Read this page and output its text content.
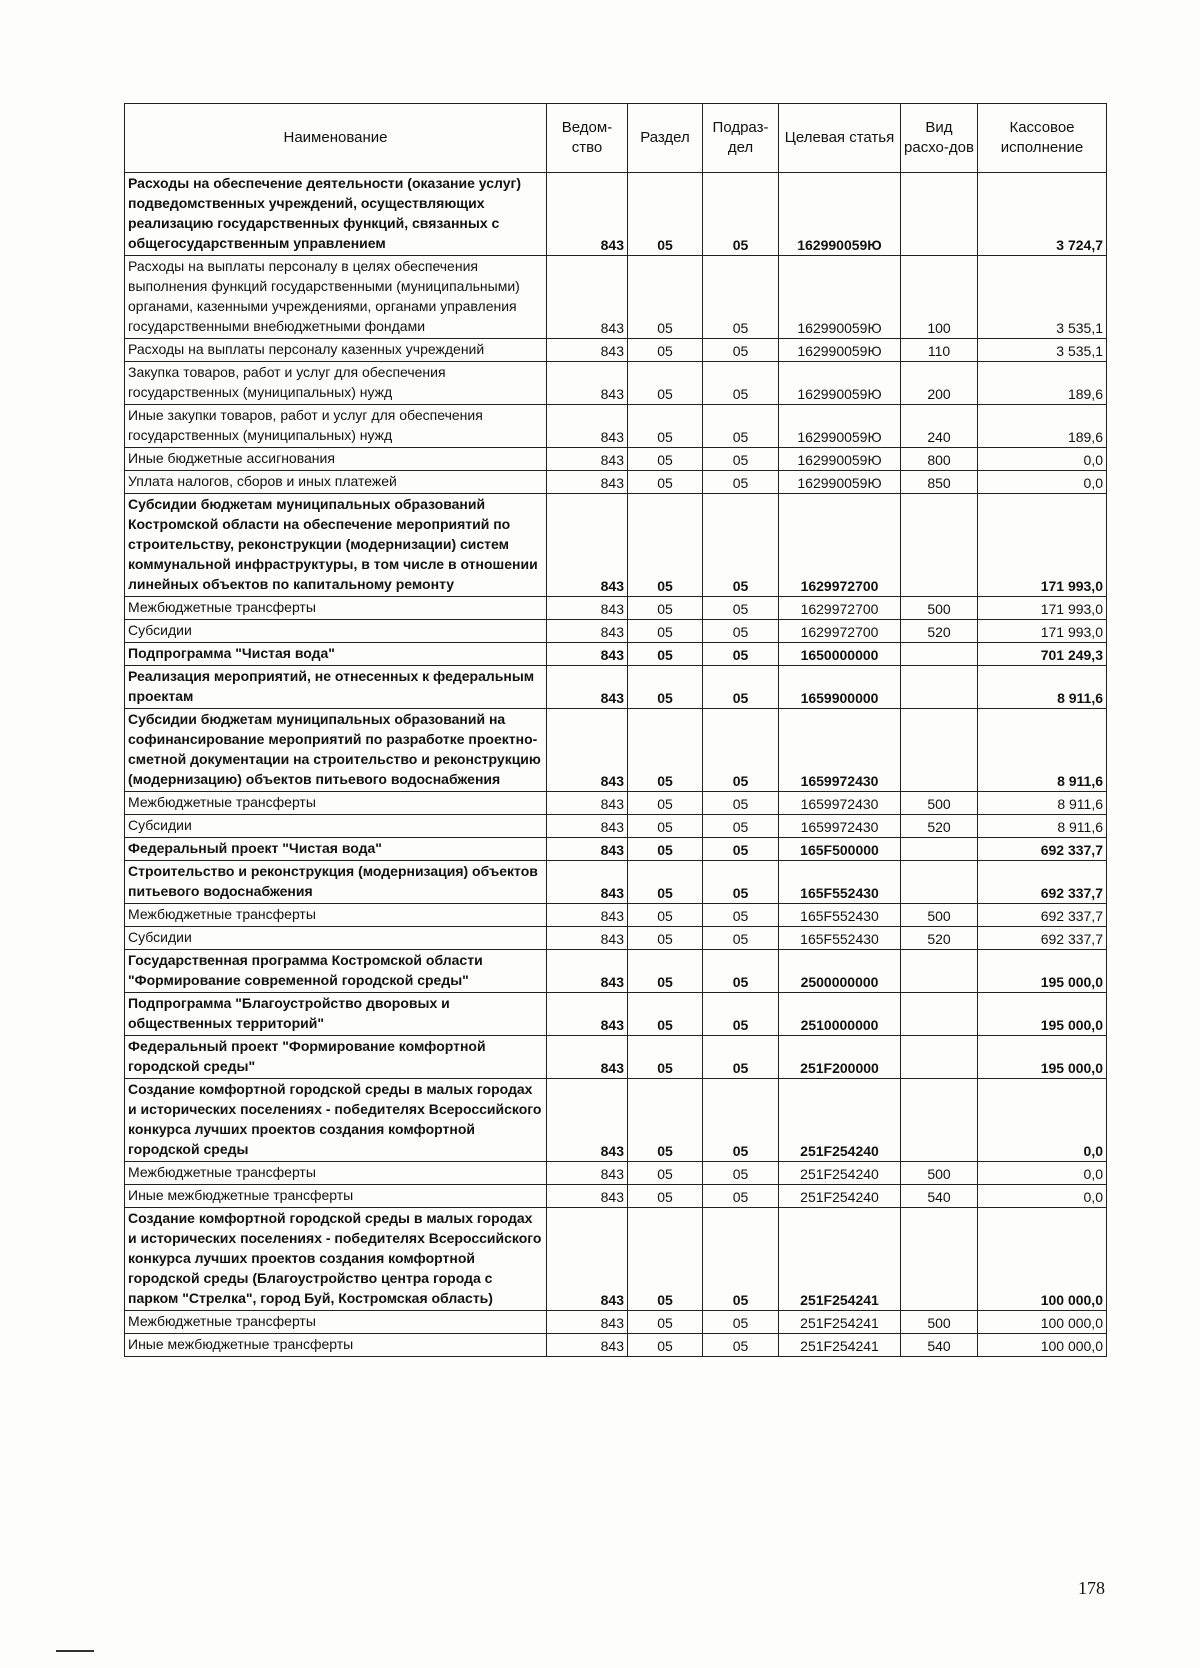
Наименование	Ведом-ство	Раздел	Подраз-дел	Целевая статья	Вид расхо-дов	Кассовое исполнение
Расходы на обеспечение деятельности (оказание услуг) подведомственных учреждений, осуществляющих реализацию государственных функций, связанных с общегосударственным управлением	843	05	05	162990059Ю		3 724,7
Расходы на выплаты персоналу в целях обеспечения выполнения функций государственными (муниципальными) органами, казенными учреждениями, органами управления государственными внебюджетными фондами	843	05	05	162990059Ю	100	3 535,1
Расходы на выплаты персоналу казенных учреждений	843	05	05	162990059Ю	110	3 535,1
Закупка товаров, работ и услуг для обеспечения государственных (муниципальных) нужд	843	05	05	162990059Ю	200	189,6
Иные закупки товаров, работ и услуг для обеспечения государственных (муниципальных) нужд	843	05	05	162990059Ю	240	189,6
Иные бюджетные ассигнования	843	05	05	162990059Ю	800	0,0
Уплата налогов, сборов и иных платежей	843	05	05	162990059Ю	850	0,0
Субсидии бюджетам муниципальных образований Костромской области на обеспечение мероприятий по строительству, реконструкции (модернизации) систем коммунальной инфраструктуры, в том числе в отношении линейных объектов по капитальному ремонту	843	05	05	1629972700		171 993,0
Межбюджетные трансферты	843	05	05	1629972700	500	171 993,0
Субсидии	843	05	05	1629972700	520	171 993,0
Подпрограмма "Чистая вода"	843	05	05	1650000000		701 249,3
Реализация мероприятий, не отнесенных к федеральным проектам	843	05	05	1659900000		8 911,6
Субсидии бюджетам муниципальных образований на софинансирование мероприятий по разработке проектно-сметной документации на строительство и реконструкцию (модернизацию) объектов питьевого водоснабжения	843	05	05	1659972430		8 911,6
Межбюджетные трансферты	843	05	05	1659972430	500	8 911,6
Субсидии	843	05	05	1659972430	520	8 911,6
Федеральный проект "Чистая вода"	843	05	05	165F500000		692 337,7
Строительство и реконструкция (модернизация) объектов питьевого водоснабжения	843	05	05	165F552430		692 337,7
Межбюджетные трансферты	843	05	05	165F552430	500	692 337,7
Субсидии	843	05	05	165F552430	520	692 337,7
Государственная программа Костромской области "Формирование современной городской среды"	843	05	05	2500000000		195 000,0
Подпрограмма "Благоустройство дворовых и общественных территорий"	843	05	05	2510000000		195 000,0
Федеральный проект "Формирование комфортной городской среды"	843	05	05	251F200000		195 000,0
Создание комфортной городской среды в малых городах и исторических поселениях - победителях Всероссийского конкурса лучших проектов создания комфортной городской среды	843	05	05	251F254240		0,0
Межбюджетные трансферты	843	05	05	251F254240	500	0,0
Иные межбюджетные трансферты	843	05	05	251F254240	540	0,0
Создание комфортной городской среды в малых городах и исторических поселениях - победителях Всероссийского конкурса лучших проектов создания комфортной городской среды (Благоустройство центра города с парком "Стрелка", город Буй, Костромская область)	843	05	05	251F254241		100 000,0
Межбюджетные трансферты	843	05	05	251F254241	500	100 000,0
Иные межбюджетные трансферты	843	05	05	251F254241	540	100 000,0
178
